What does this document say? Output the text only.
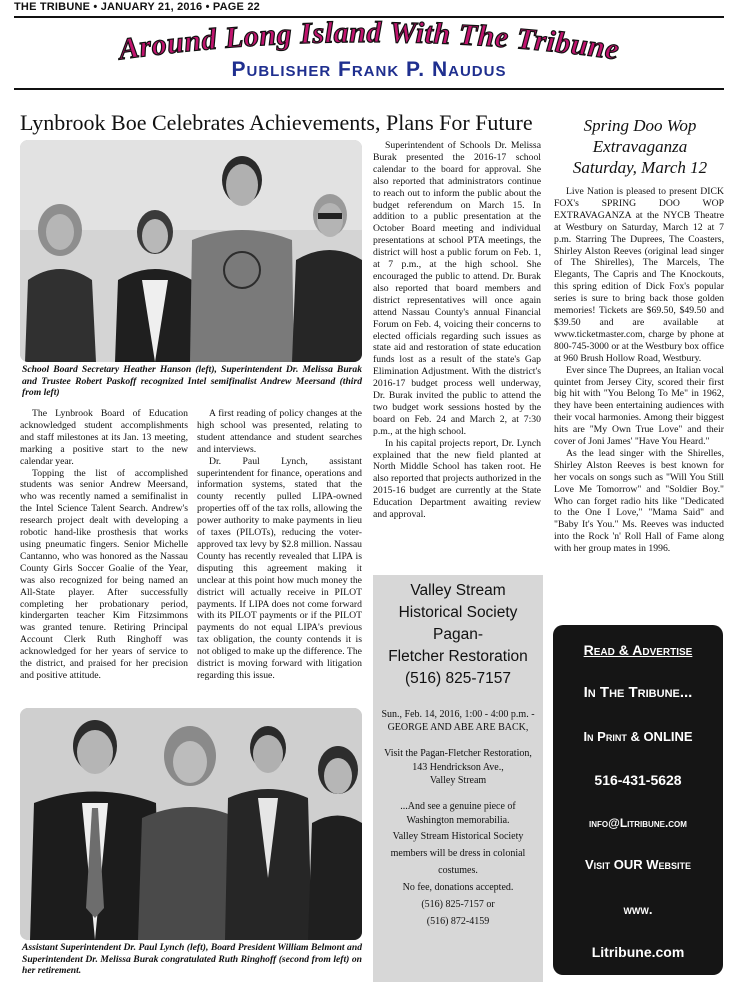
THE TRIBUNE • JANUARY 21, 2016 • PAGE 22
Around Long Island With The Tribune
Publisher Frank P. Naudus
Lynbrook Boe Celebrates Achievements, Plans For Future
School Board Secretary Heather Hanson (left), Superintendent Dr. Melissa Burak and Trustee Robert Paskoff recognized Intel semifinalist Andrew Meersand (third from left)

The Lynbrook Board of Education acknowledged student accomplishments and staff milestones at its Jan. 13 meeting, marking a positive start to the new calendar year.

Topping the list of accomplished students was senior Andrew Meersand, who was recently named a semifinalist in the Intel Science Talent Search. Andrew's research project dealt with developing a robotic hand-like prosthesis that works using pneumatic fingers. Senior Michelle Cantanno, who was honored as the Nassau County Girls Soccer Goalie of the Year, was also recognized for being named an All-State player. After successfully completing her probationary period, kindergarten teacher Kim Fitzsimmons was granted tenure. Retiring Principal Account Clerk Ruth Ringhoff was acknowledged for her years of service to the district, and praised for her precision and positive attitude.

A first reading of policy changes at the high school was presented, relating to student attendance and student searches and interviews.

Dr. Paul Lynch, assistant superintendent for finance, operations and information systems, stated that the county recently pulled LIPA-owned properties off of the tax rolls, allowing the power authority to make payments in lieu of taxes (PILOTs), reducing the voter-approved tax levy by $2.8 million. Nassau County has recently revealed that LIPA is disputing this agreement making it unclear at this point how much money the district will actually receive in PILOT payments. If LIPA does not come forward with its PILOT payments or if the PILOT payments do not equal LIPA's previous tax obligation, the county contends it is not obliged to make up the difference. The district is moving forward with litigation regarding this issue.

Superintendent of Schools Dr. Melissa Burak presented the 2016-17 school calendar to the board for approval. She also reported that administrators continue to reach out to inform the public about the budget referendum on March 15. In addition to a public presentation at the October Board meeting and individual presentations at school PTA meetings, the district will host a public forum on Feb. 1, at 7 p.m., at the high school. She encouraged the public to attend. Dr. Burak also reported that board members and district representatives will once again attend Nassau County's annual Financial Forum on Feb. 4, voicing their concerns to elected officials regarding such issues as state aid and restoration of state education funds lost as a result of the state's Gap Elimination Adjustment. With the district's 2016-17 budget process well underway, Dr. Burak invited the public to attend the two budget work sessions hosted by the board on Feb. 24 and March 2, at 7:30 p.m., at the high school.

In his capital projects report, Dr. Lynch explained that the new field planted at North Middle School has taken root. He also reported that projects authorized in the 2015-16 budget are currently at the State Education Department awaiting review and approval.

Assistant Superintendent Dr. Paul Lynch (left), Board President William Belmont and Superintendent Dr. Melissa Burak congratulated Ruth Ringhoff (second from left) on her retirement.
Spring Doo Wop
Extravaganza
Saturday, March 12

Live Nation is pleased to present DICK FOX's SPRING DOO WOP EXTRAVAGANZA at the NYCB Theatre at Westbury on Saturday, March 12 at 7 p.m. Starring The Duprees, The Coasters, Shirley Alston Reeves (original lead singer of The Shirelles), The Marcels, The Elegants, The Capris and The Knockouts, this spring edition of Dick Fox's popular series is sure to bring back those golden memories! Tickets are $69.50, $49.50 and $39.50 and are available at www.ticketmaster.com, charge by phone at 800-745-3000 or at the Westbury box office at 960 Brush Hollow Road, Westbury.

Ever since The Duprees, an Italian vocal quintet from Jersey City, scored their first big hit with "You Belong To Me" in 1962, they have been entertaining audiences with their vocal harmonies. Among their biggest hits are "My Own True Love" and their cover of Joni James' "Have You Heard."

As the lead singer with the Shirelles, Shirley Alston Reeves is best known for her vocals on songs such as "Will You Still Love Me Tomorrow" and "Soldier Boy." Who can forget radio hits like "Dedicated to the One I Love," "Mama Said" and "Baby It's You." Ms. Reeves was inducted into the Rock 'n' Roll Hall of Fame along with her group mates in 1996.

Valley Stream
Historical Society
Pagan-
Fletcher Restoration
(516) 825-7157
Sun., Feb. 14, 2016, 1:00 - 4:00 p.m. - GEORGE AND ABE ARE BACK,
Visit the Pagan-Fletcher Restoration,
143 Hendrickson Ave.,
Valley Stream
...And see a genuine piece of Washington memorabilia.
Valley Stream Historical Society members will be dress in colonial costumes.
No fee, donations accepted.
(516) 825-7157 or
(516) 872-4159
Read & Advertise
In The Tribune...
In Print & ONLINE
516-431-5628
info@Litribune.com
Visit OUR Website
www.
Litribune.com
